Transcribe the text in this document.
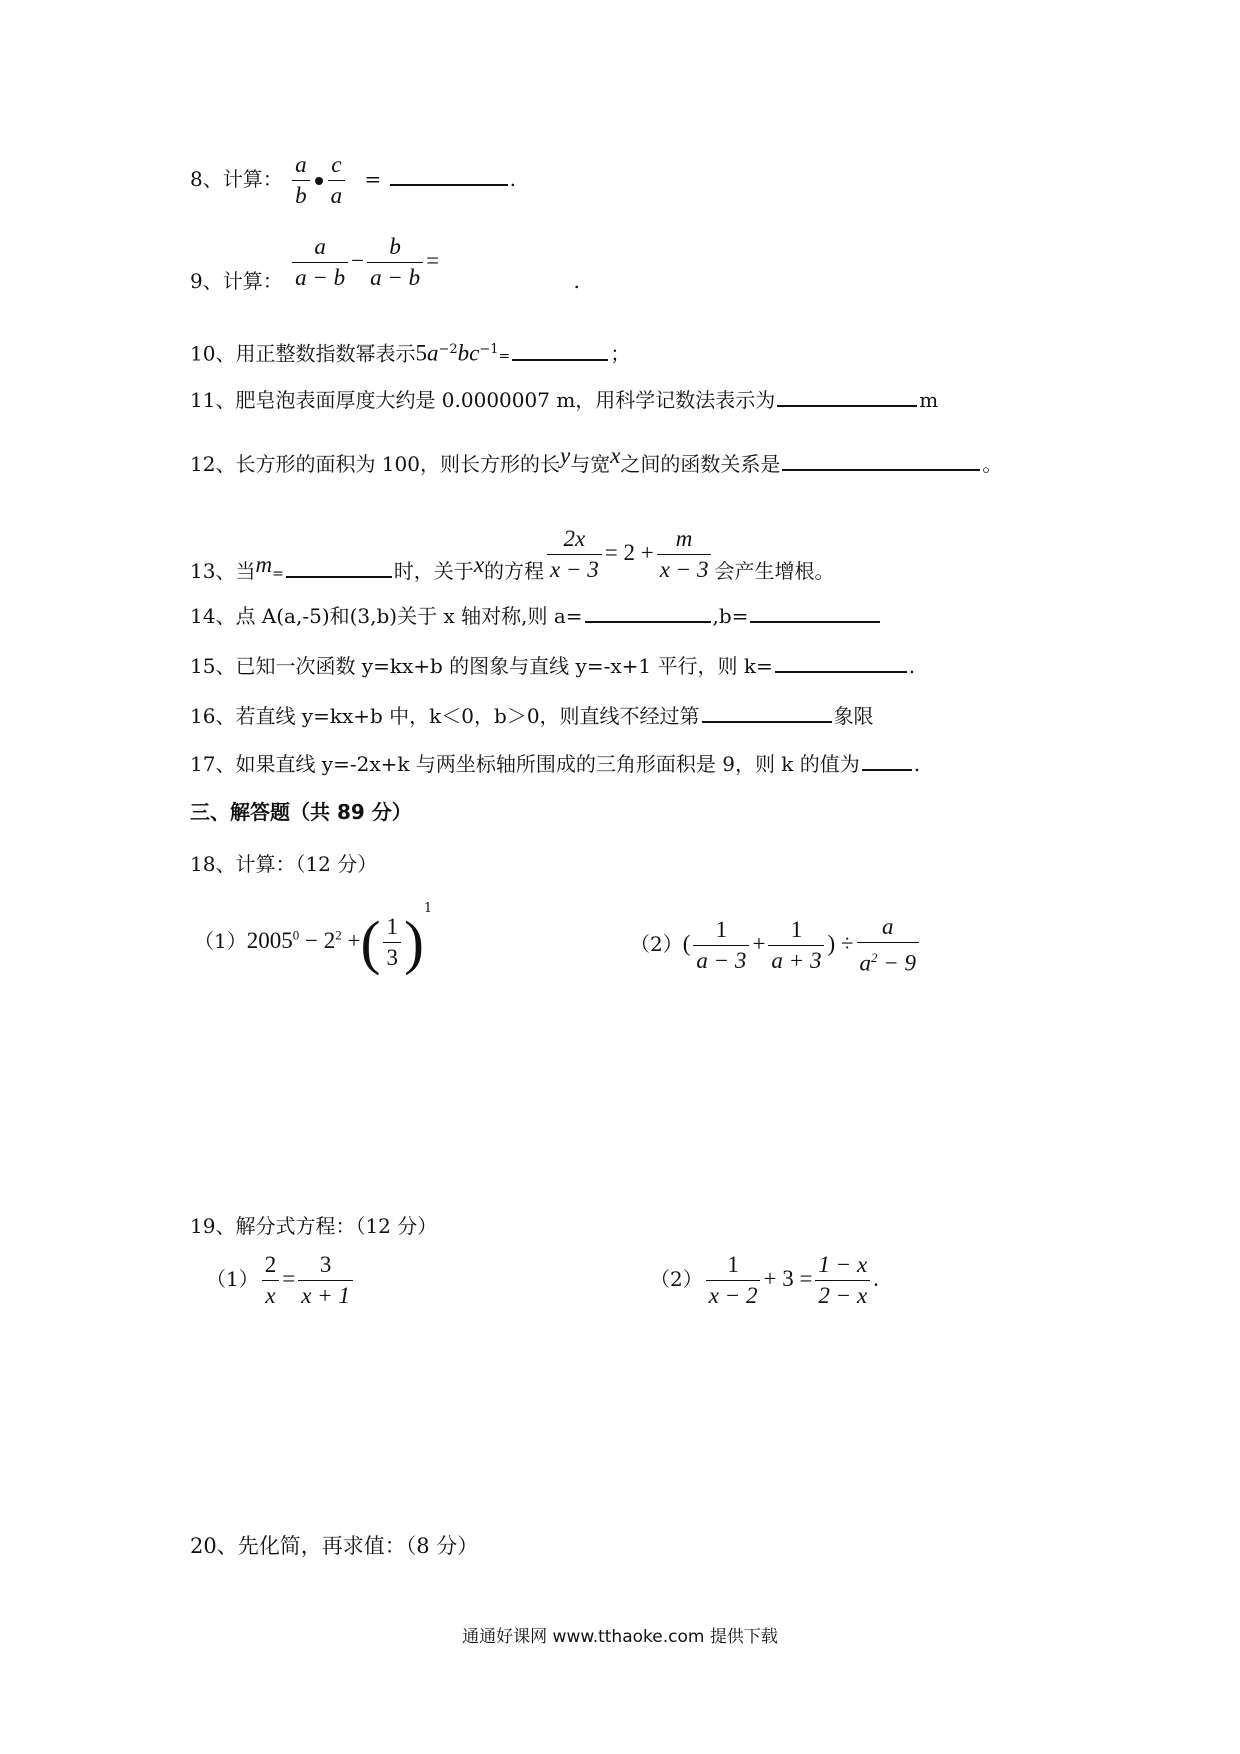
8、计算： $\frac{a}{b} \frac{c}{a}$ =	.
9、计算： $\frac{a}{a - b} - \frac{b}{a - b}$ = .
10、用正整数指数幂表示$5a^{-2}bc^{-1}=$	；
11、肥皂泡表面厚度大约是 0.0000007 m，用科学记数法表示为	m
12、长方形的面积为 100，则长方形的长y与宽x之间的函数关系是	。
13、当$m_=$	时，关于x的方程 $\frac{2x}{x - 3} = 2 + \frac{m}{x - 3}$ 会产生增根。
14、点 A(a,-5)和(3,b)关于 x 轴对称,则 a=	,b=
15、已知一次函数 y=kx+b 的图象与直线 y=-x+1 平行，则 k=	.
16、若直线 y=kx+b 中，k＜0，b＞0，则直线不经过第	象限
17、如果直线 y=-2x+k 与两坐标轴所围成的三角形面积是 9，则 k 的值为	.
三、解答题（共 89 分）
18、计算：（12 分）
$(1)2005^0 - 2^2$ +( $\frac{1}{3} )^1$
$(2)( \frac{1}{a - 3} + \frac{1}{a + 3}$ ) ÷ $\frac{a}{a^2 - 9}$
19、解分式方程：（12 分）
$(1) \frac{2}{x} = \frac{3}{x + 1}$	$(2) \frac{1}{x - 2} + 3 = \frac{1 - x}{2 - x}$ .
20、先化简，再求值：（8 分）
通通好课网 www.tthaoke.com 提供下载
